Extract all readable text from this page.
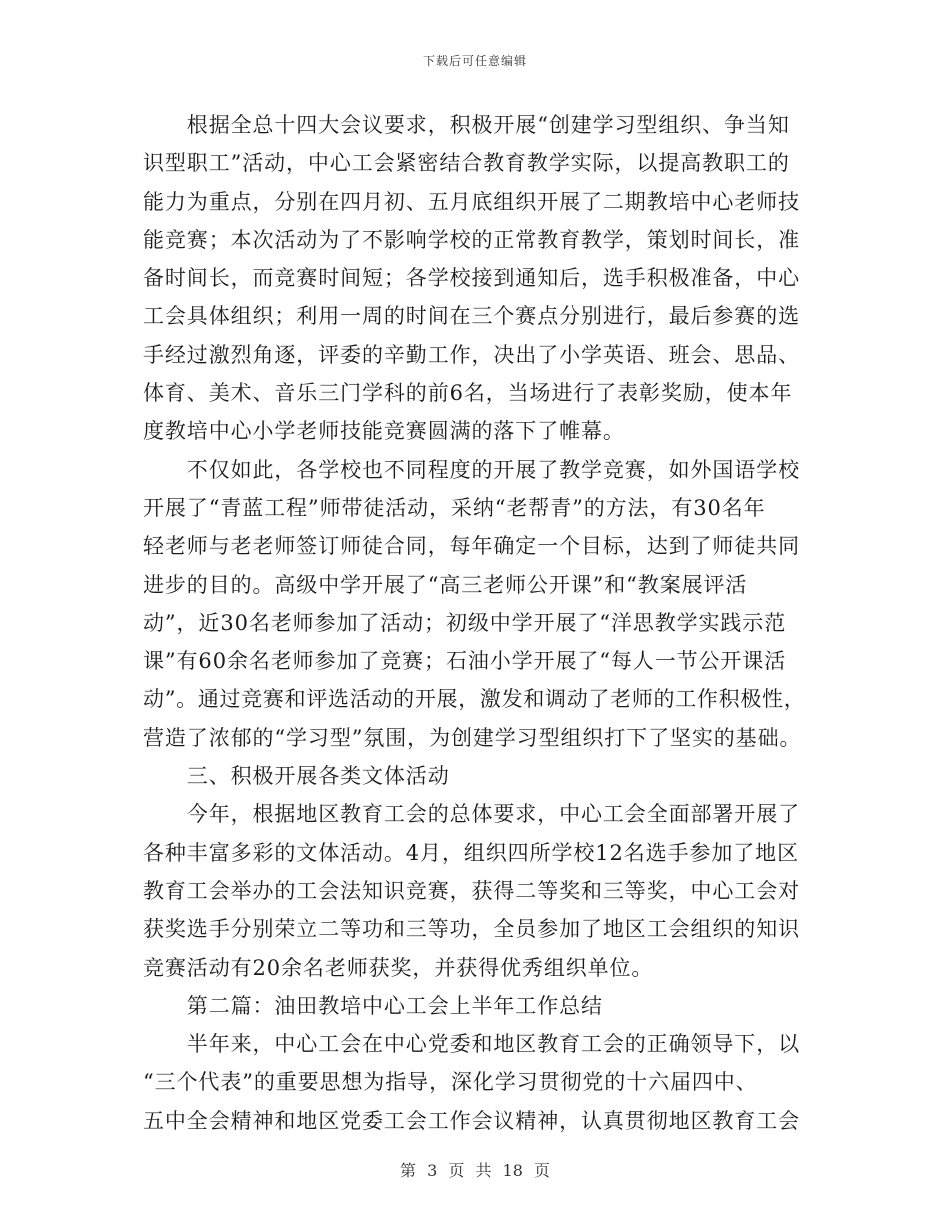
下载后可任意编辑
　　根据全总十四大会议要求，积极开展“创建学习型组织、争当知
识型职工”活动，中心工会紧密结合教育教学实际，以提高教职工的
能力为重点，分别在四月初、五月底组织开展了二期教培中心老师技
能竞赛；本次活动为了不影响学校的正常教育教学，策划时间长，准
备时间长，而竞赛时间短；各学校接到通知后，选手积极准备，中心
工会具体组织；利用一周的时间在三个赛点分别进行，最后参赛的选
手经过激烈角逐，评委的辛勤工作，决出了小学英语、班会、思品、
体育、美术、音乐三门学科的前6名，当场进行了表彰奖励，使本年
度教培中心小学老师技能竞赛圆满的落下了帷幕。
　　不仅如此，各学校也不同程度的开展了教学竞赛，如外国语学校
开展了“青蓝工程”师带徒活动，采纳“老帮青”的方法，有30名年
轻老师与老老师签订师徒合同，每年确定一个目标，达到了师徒共同
进步的目的。高级中学开展了“高三老师公开课”和“教案展评活
动”，近30名老师参加了活动；初级中学开展了“洋思教学实践示范
课”有60余名老师参加了竞赛；石油小学开展了“每人一节公开课活
动”。通过竞赛和评选活动的开展，激发和调动了老师的工作积极性，
营造了浓郁的“学习型”氛围，为创建学习型组织打下了坚实的基础。
　　三、积极开展各类文体活动
　　今年，根据地区教育工会的总体要求，中心工会全面部署开展了
各种丰富多彩的文体活动。4月，组织四所学校12名选手参加了地区
教育工会举办的工会法知识竞赛，获得二等奖和三等奖，中心工会对
获奖选手分别荣立二等功和三等功，全员参加了地区工会组织的知识
竞赛活动有20余名老师获奖，并获得优秀组织单位。
　　第二篇：油田教培中心工会上半年工作总结
　　半年来，中心工会在中心党委和地区教育工会的正确领导下，以
“三个代表”的重要思想为指导，深化学习贯彻党的十六届四中、
五中全会精神和地区党委工会工作会议精神，认真贯彻地区教育工会
第 3 页 共 18 页
